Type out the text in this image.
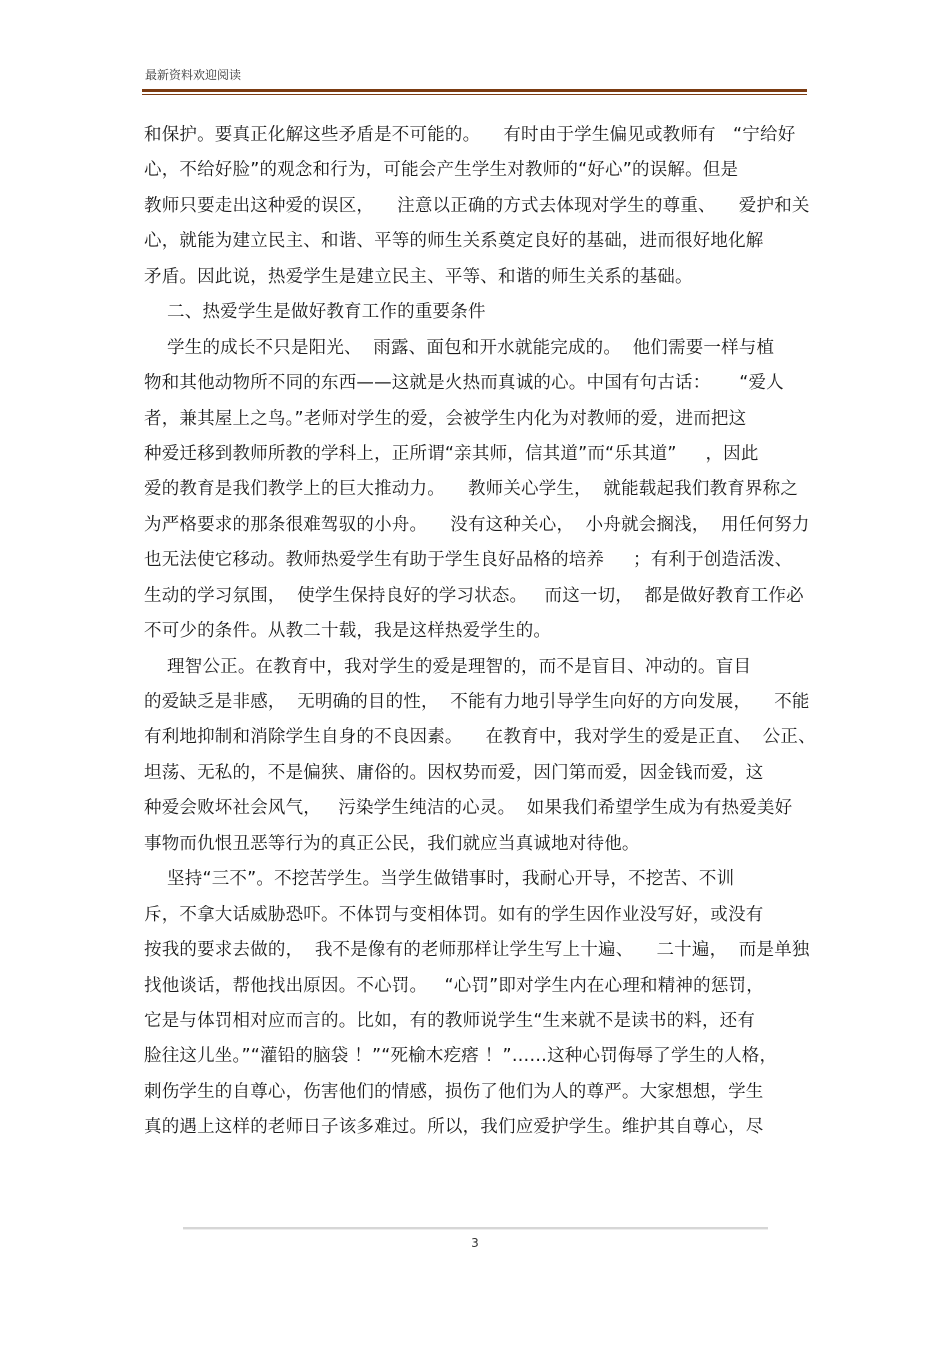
最新资料欢迎阅读
和保护。要真正化解这些矛盾是不可能的。    有时由于学生偏见或教师有   “宁给好
心，不给好脸”的观念和行为，可能会产生学生对教师的“好心”的误解。但是
教师只要走出这种爱的误区，    注意以正确的方式去体现对学生的尊重、    爱护和关
心，就能为建立民主、和谐、平等的师生关系奠定良好的基础，进而很好地化解
矛盾。因此说，热爱学生是建立民主、平等、和谐的师生关系的基础。
二、热爱学生是做好教育工作的重要条件
学生的成长不只是阳光、  雨露、面包和开水就能完成的。  他们需要一样与植
物和其他动物所不同的东西——这就是火热而真诚的心。中国有句古话：     “爱人
者，兼其屋上之鸟。”老师对学生的爱，会被学生内化为对教师的爱，进而把这
种爱迁移到教师所教的学科上，正所谓“亲其师，信其道”而“乐其道”     ，因此
爱的教育是我们教学上的巨大推动力。    教师关心学生，  就能载起我们教育界称之
为严格要求的那条很难驾驭的小舟。    没有这种关心，  小舟就会搁浅，  用任何努力
也无法使它移动。教师热爱学生有助于学生良好品格的培养     ；有利于创造活泼、
生动的学习氛围，  使学生保持良好的学习状态。   而这一切，  都是做好教育工作必
不可少的条件。从教二十载，我是这样热爱学生的。
理智公正。在教育中，我对学生的爱是理智的，而不是盲目、冲动的。盲目
的爱缺乏是非感，  无明确的目的性，  不能有力地引导学生向好的方向发展，    不能
有利地抑制和消除学生自身的不良因素。    在教育中，我对学生的爱是正直、  公正、
坦荡、无私的，不是偏狭、庸俗的。因权势而爱，因门第而爱，因金钱而爱，这
种爱会败坏社会风气，   污染学生纯洁的心灵。  如果我们希望学生成为有热爱美好
事物而仇恨丑恶等行为的真正公民，我们就应当真诚地对待他。
坚持“三不”。不挖苦学生。当学生做错事时，我耐心开导，不挖苦、不训
斥，不拿大话威胁恐吓。不体罚与变相体罚。如有的学生因作业没写好，或没有
按我的要求去做的，  我不是像有的老师那样让学生写上十遍、    二十遍，  而是单独
找他谈话，帮他找出原因。不心罚。   “心罚”即对学生内在心理和精神的惩罚，
它是与体罚相对应而言的。比如，有的教师说学生“生来就不是读书的料，还有
脸往这儿坐。”“灌铅的脑袋 ！”“死榆木疙瘩 ！”……这种心罚侮辱了学生的人格，
刺伤学生的自尊心，伤害他们的情感，损伤了他们为人的尊严。大家想想，学生
真的遇上这样的老师日子该多难过。所以，我们应爱护学生。维护其自尊心，尽
3
